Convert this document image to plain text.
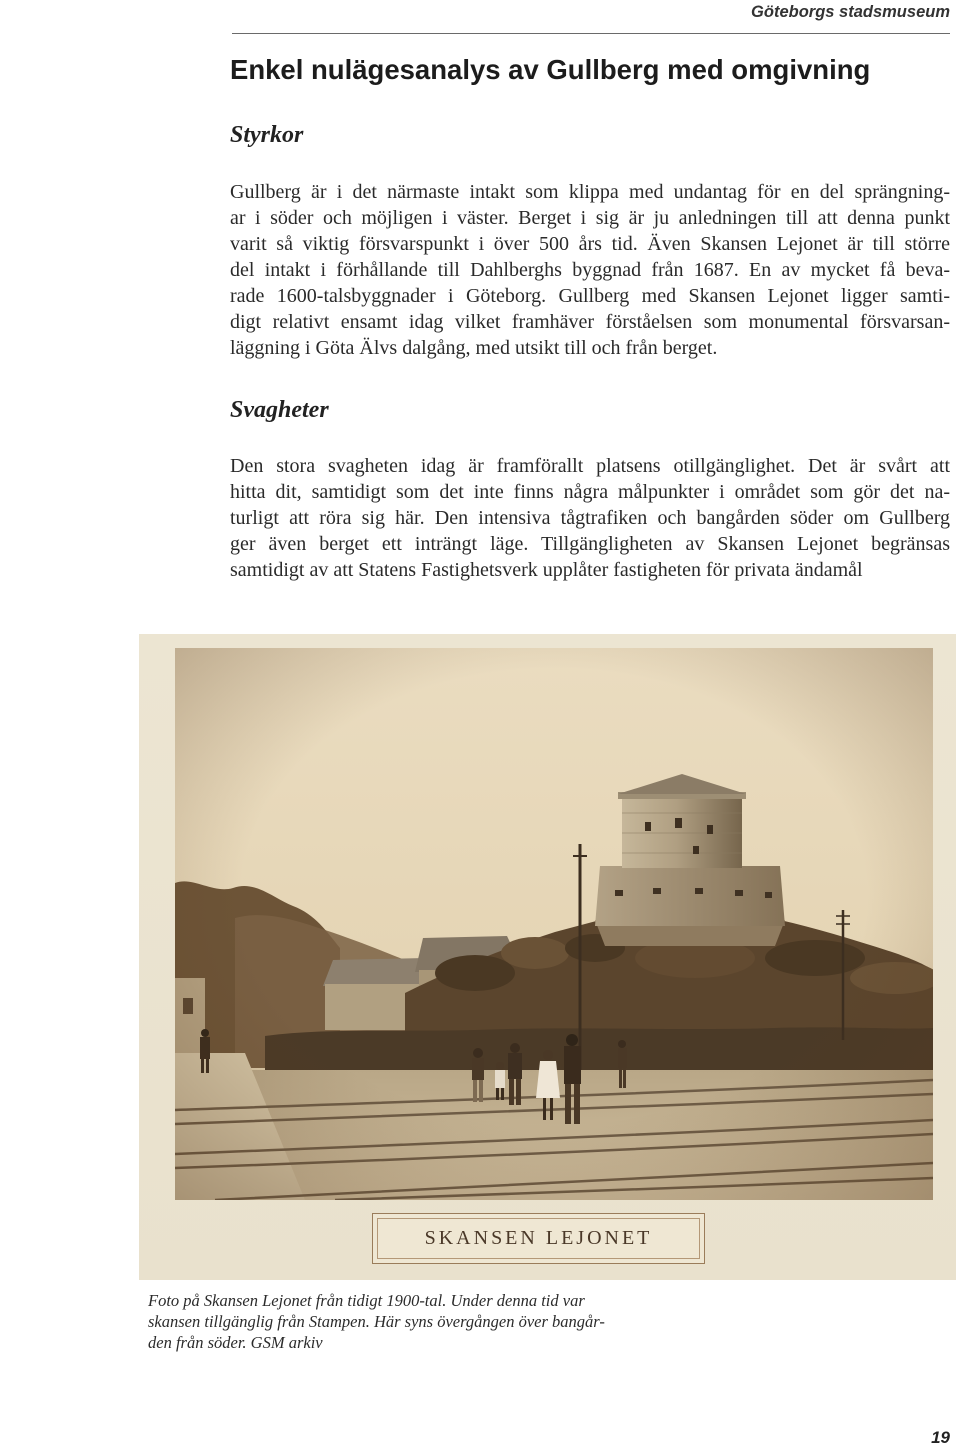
Göteborgs stadsmuseum
Enkel nulägesanalys av Gullberg med omgivning
Styrkor
Gullberg är i det närmaste intakt som klippa med undantag för en del sprängning-
ar i söder och möjligen i väster. Berget i sig är ju anledningen till att denna punkt
varit så viktig försvarspunkt i över 500 års tid. Även Skansen Lejonet är till större
del intakt i förhållande till Dahlberghs byggnad från 1687. En av mycket få beva-
rade 1600-talsbyggnader i Göteborg. Gullberg med Skansen Lejonet ligger samti-
digt relativt ensamt idag vilket framhäver förståelsen som monumental försvarsan-
läggning i Göta Älvs dalgång, med utsikt till och från berget.
Svagheter
Den stora svagheten idag är framförallt platsens otillgänglighet. Det är svårt att
hitta dit, samtidigt som det inte finns några målpunkter i området som gör det na-
turligt att röra sig här. Den intensiva tågtrafiken och bangården söder om Gullberg
ger även berget ett inträngt läge. Tillgängligheten av Skansen Lejonet begränsas
samtidigt av att Statens Fastighetsverk upplåter fastigheten för privata ändamål
SKANSEN LEJONET
Foto på Skansen Lejonet från tidigt 1900-tal. Under denna tid var
skansen tillgänglig från Stampen. Här syns övergången över bangår-
den från söder. GSM arkiv
19
